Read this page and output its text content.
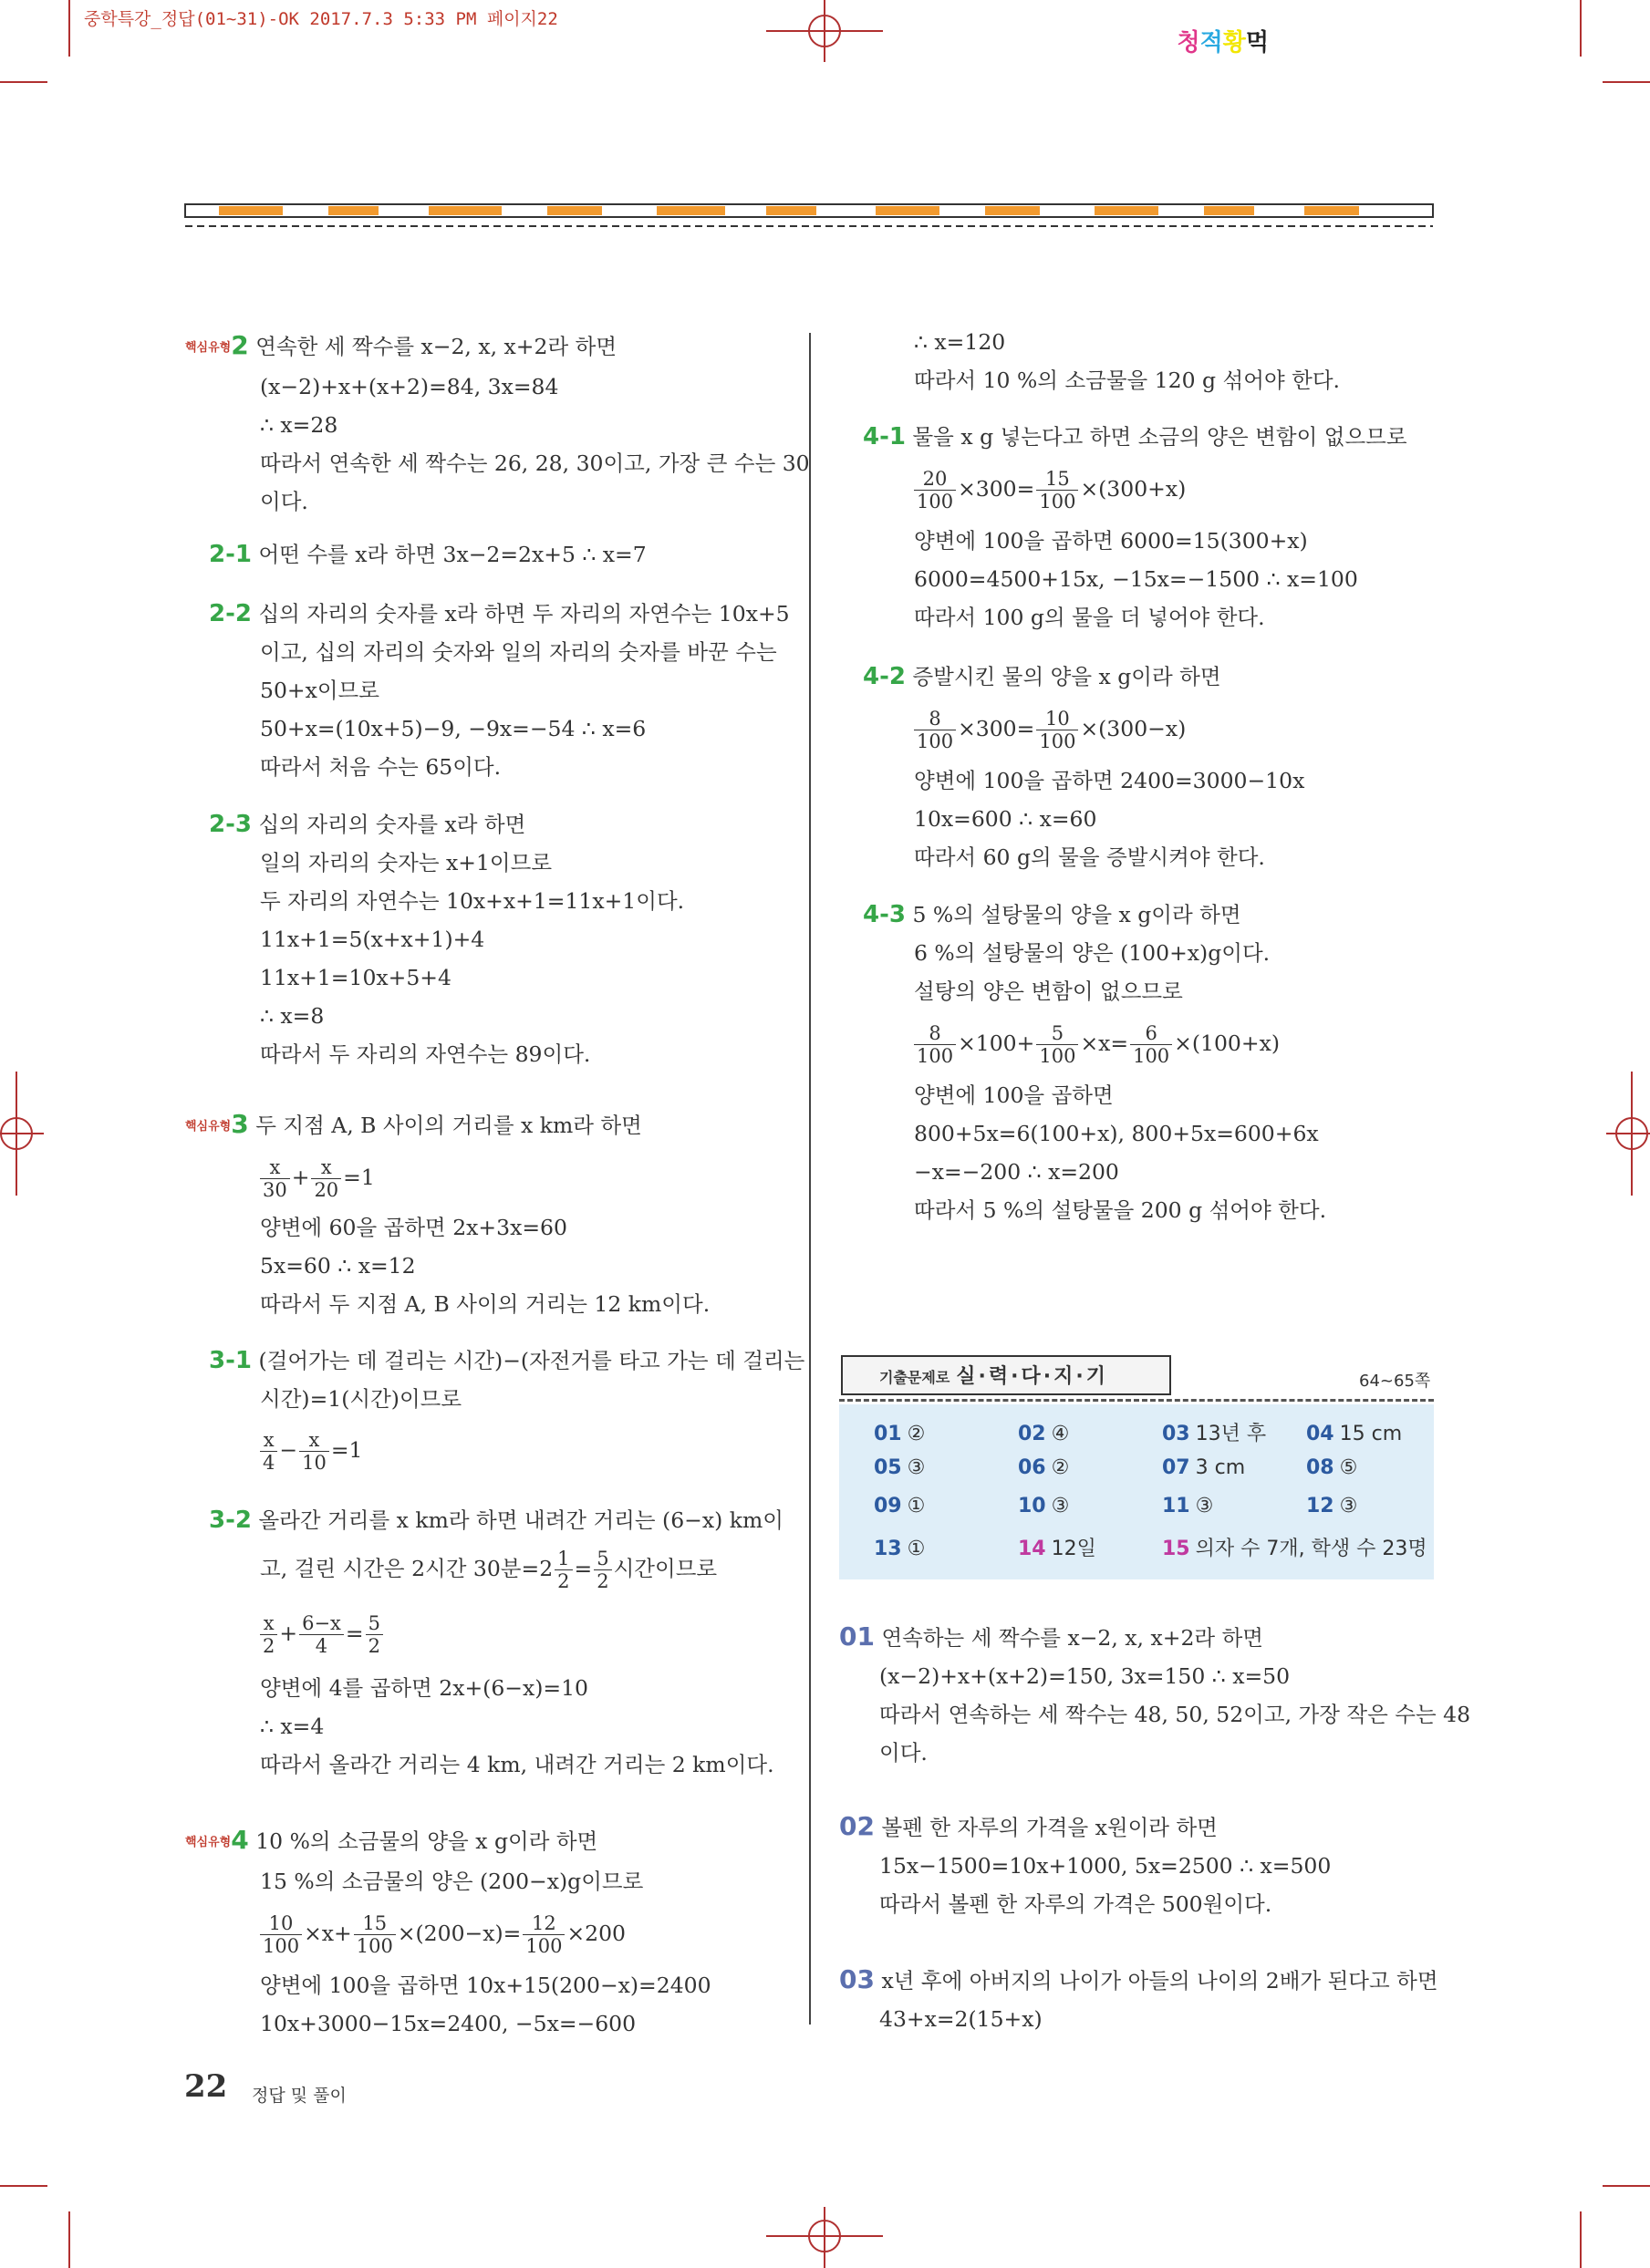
중학특강_정답(01~31)-OK 2017.7.3 5:33 PM 페이지22
청적황먹
핵심유형2 연속한 세 짝수를 x−2, x, x+2라 하면
(x−2)+x+(x+2)=84, 3x=84
∴ x=28
따라서 연속한 세 짝수는 26, 28, 30이고, 가장 큰 수는 30
이다.
2-1 어떤 수를 x라 하면 3x−2=2x+5 ∴ x=7
2-2 십의 자리의 숫자를 x라 하면 두 자리의 자연수는 10x+5
이고, 십의 자리의 숫자와 일의 자리의 숫자를 바꾼 수는
50+x이므로
50+x=(10x+5)−9, −9x=−54 ∴ x=6
따라서 처음 수는 65이다.
2-3 십의 자리의 숫자를 x라 하면
일의 자리의 숫자는 x+1이므로
두 자리의 자연수는 10x+x+1=11x+1이다.
11x+1=5(x+x+1)+4
11x+1=10x+5+4
∴ x=8
따라서 두 자리의 자연수는 89이다.
핵심유형3 두 지점 A, B 사이의 거리를 x km라 하면
$\frac{x}{30} + \frac{x}{20} =1$
양변에 60을 곱하면 2x+3x=60
5x=60 ∴ x=12
따라서 두 지점 A, B 사이의 거리는 12 km이다.
3-1 (걸어가는 데 걸리는 시간)−(자전거를 타고 가는 데 걸리는
시간)=1(시간)이므로
$\frac{x}{4} - \frac{x}{10} =1$
3-2 올라간 거리를 x km라 하면 내려간 거리는 (6−x) km이
고, 걸린 시간은 2시간 30분$=2 \frac{1}{2} = \frac{5}{2}$ 시간이므로
$\frac{x}{2} + \frac{6-x}{4} = \frac{5}{2}$
양변에 4를 곱하면 2x+(6−x)=10
∴ x=4
따라서 올라간 거리는 4 km, 내려간 거리는 2 km이다.
핵심유형4 10 %의 소금물의 양을 x g이라 하면
15 %의 소금물의 양은 (200−x)g이므로
$\frac{10}{100} \times x+ \frac{15}{100} \times(200-x)= \frac{12}{100} \times 200$
양변에 100을 곱하면 10x+15(200−x)=2400
10x+3000−15x=2400, −5x=−600
∴ x=120
따라서 10 %의 소금물을 120 g 섞어야 한다.
4-1 물을 x g 넣는다고 하면 소금의 양은 변함이 없으므로
$\frac{20}{100} \times 300= \frac{15}{100} \times(300+x)$
양변에 100을 곱하면 6000=15(300+x)
6000=4500+15x, −15x=−1500 ∴ x=100
따라서 100 g의 물을 더 넣어야 한다.
4-2 증발시킨 물의 양을 x g이라 하면
$\frac{8}{100} \times 300= \frac{10}{100} \times(300-x)$
양변에 100을 곱하면 2400=3000−10x
10x=600 ∴ x=60
따라서 60 g의 물을 증발시켜야 한다.
4-3 5 %의 설탕물의 양을 x g이라 하면
6 %의 설탕물의 양은 (100+x)g이다.
설탕의 양은 변함이 없으므로
$\frac{8}{100} \times 100+ \frac{5}{100} \times x= \frac{6}{100} \times(100+x)$
양변에 100을 곱하면
800+5x=6(100+x), 800+5x=600+6x
−x=−200 ∴ x=200
따라서 5 %의 설탕물을 200 g 섞어야 한다.
기출문제로 실·력·다·지·기	64~65쪽
01 ②	02 ④	03 13년 후 04 15 cm
05 ③	06 ②	07 3 cm	08 ⑤
09 ①	10 ③	11 ③	12 ③
13 ①	14 12일	15 의자 수 7개, 학생 수 23명
01 연속하는 세 짝수를 x−2, x, x+2라 하면
(x−2)+x+(x+2)=150, 3x=150 ∴ x=50
따라서 연속하는 세 짝수는 48, 50, 52이고, 가장 작은 수는 48
이다.
02 볼펜 한 자루의 가격을 x원이라 하면
15x−1500=10x+1000, 5x=2500 ∴ x=500
따라서 볼펜 한 자루의 가격은 500원이다.
03 x년 후에 아버지의 나이가 아들의 나이의 2배가 된다고 하면
43+x=2(15+x)
22 정답 및 풀이
